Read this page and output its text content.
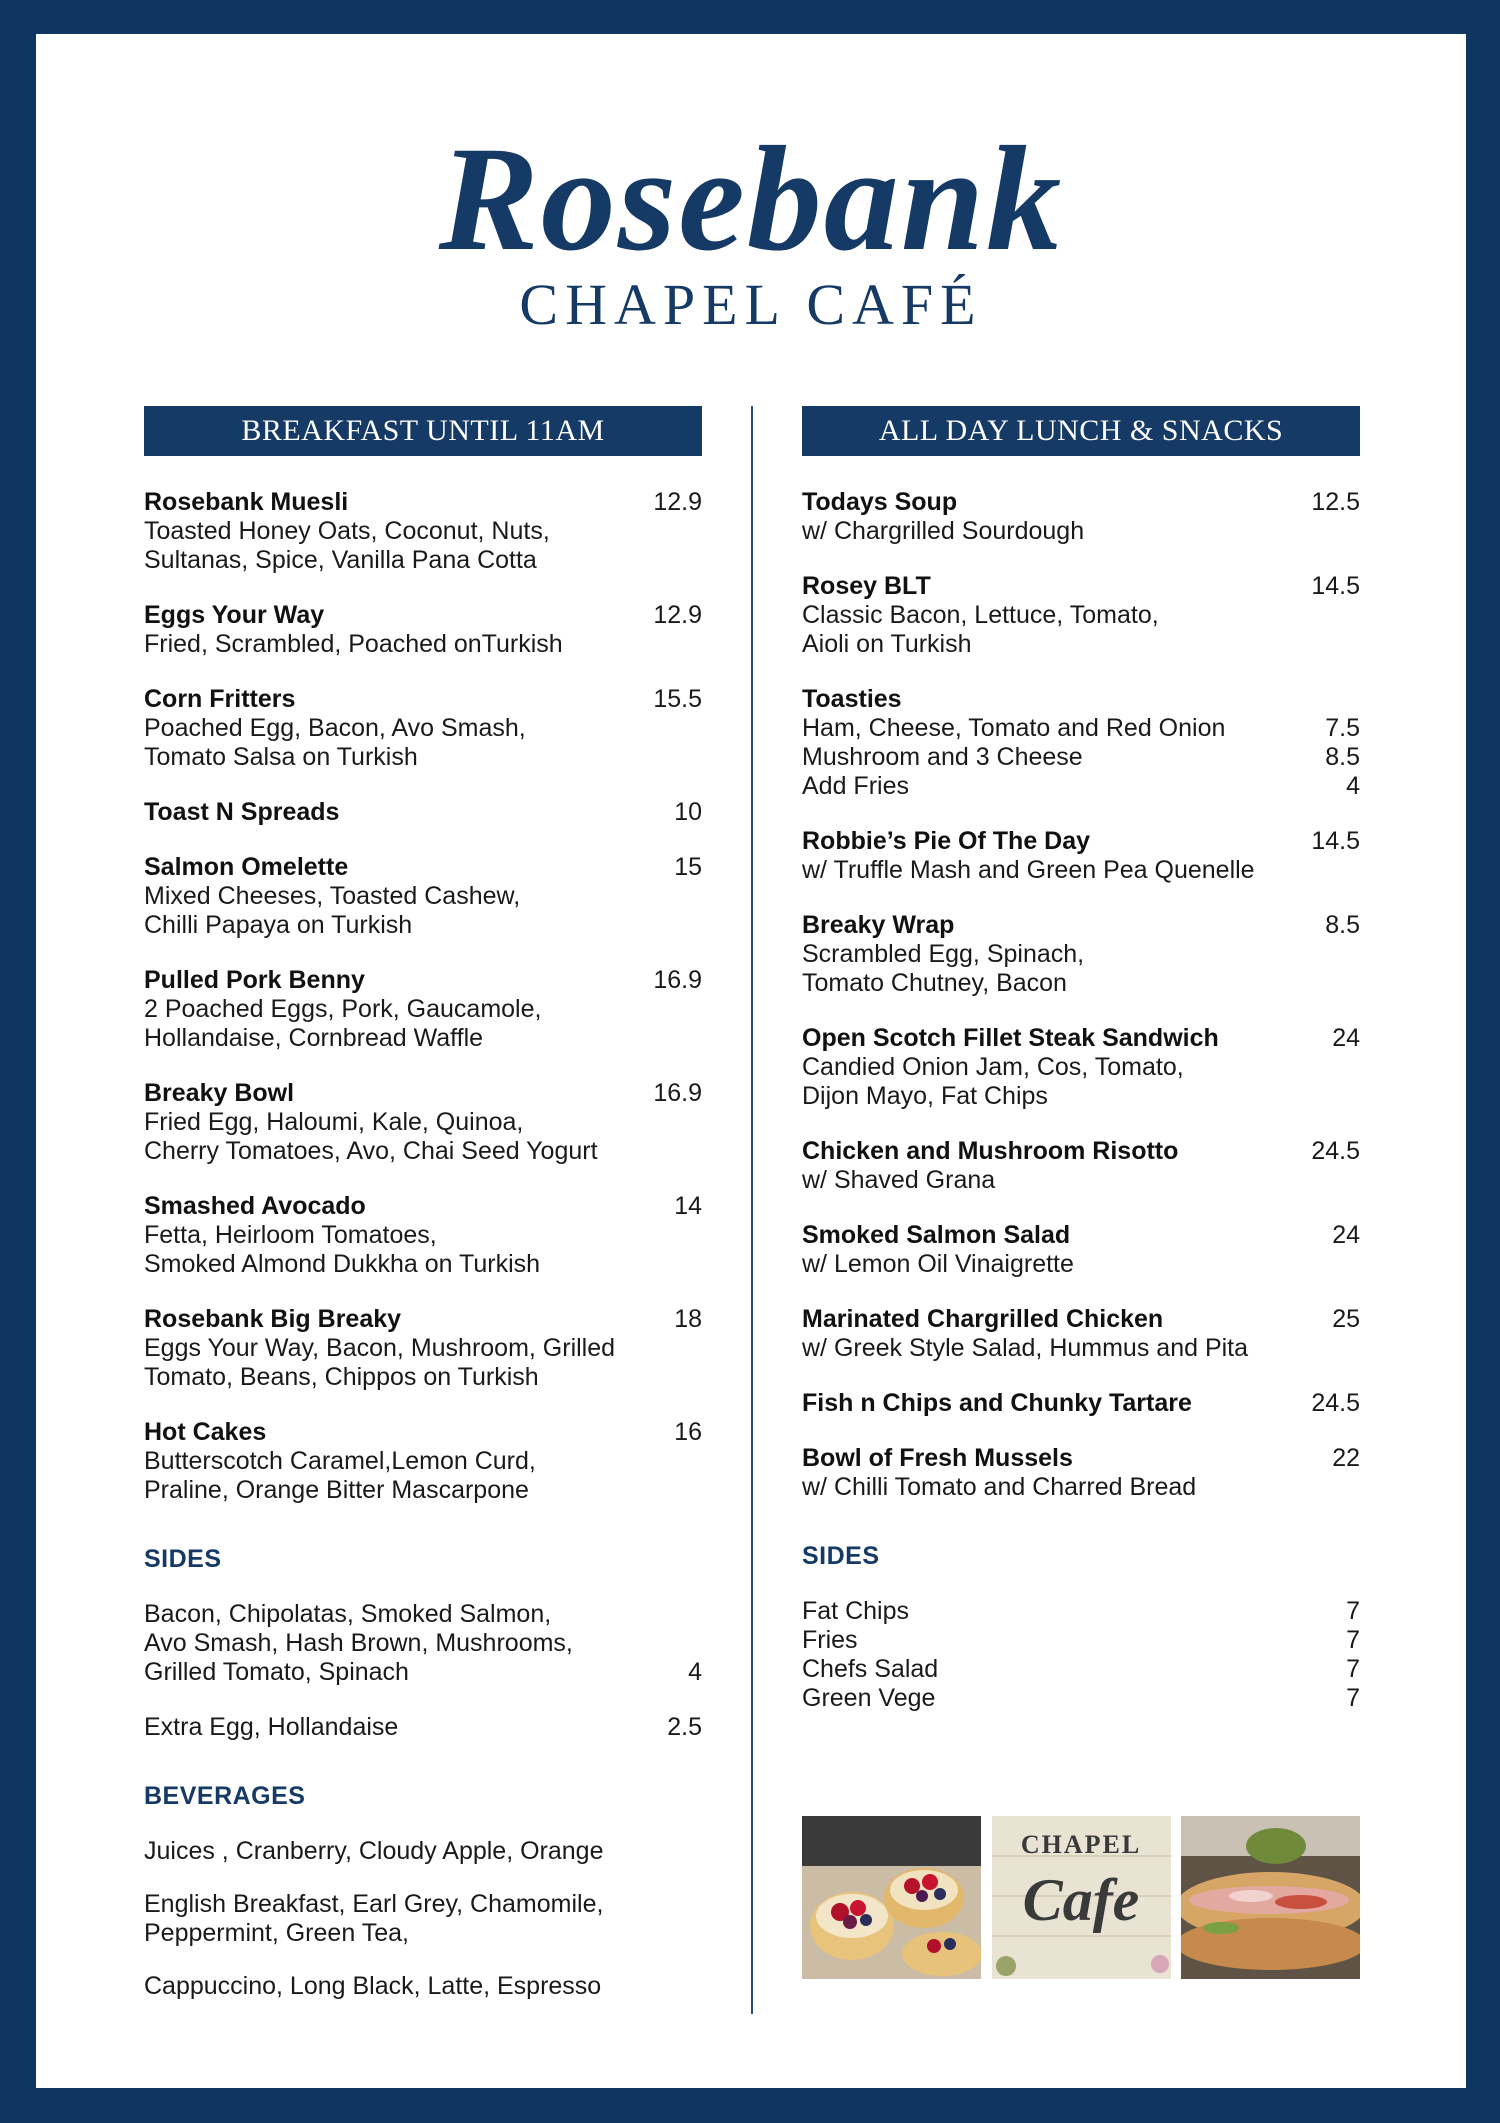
Rosebank
CHAPEL CAFÉ
BREAKFAST UNTIL 11AM
Rosebank Muesli	12.9
Toasted Honey Oats, Coconut, Nuts,
Sultanas, Spice, Vanilla Pana Cotta
Eggs Your Way	12.9
Fried, Scrambled, Poached onTurkish
Corn Fritters	15.5
Poached Egg, Bacon, Avo Smash,
Tomato Salsa on Turkish
Toast N Spreads	10
Salmon Omelette	15
Mixed Cheeses, Toasted Cashew,
Chilli Papaya on Turkish
Pulled Pork Benny	16.9
2 Poached Eggs, Pork, Gaucamole,
Hollandaise, Cornbread Waffle
Breaky Bowl	16.9
Fried Egg, Haloumi, Kale, Quinoa,
Cherry Tomatoes, Avo, Chai Seed Yogurt
Smashed Avocado	14
Fetta, Heirloom Tomatoes,
Smoked Almond Dukkha on Turkish
Rosebank Big Breaky	18
Eggs Your Way, Bacon, Mushroom, Grilled
Tomato, Beans, Chippos on Turkish
Hot Cakes	16
Butterscotch Caramel,Lemon Curd,
Praline, Orange Bitter Mascarpone
SIDES
Bacon, Chipolatas, Smoked Salmon,
Avo Smash, Hash Brown, Mushrooms,
Grilled Tomato, Spinach	4
Extra Egg, Hollandaise	2.5
BEVERAGES
Juices , Cranberry, Cloudy Apple, Orange
English Breakfast, Earl Grey, Chamomile,
Peppermint, Green Tea,
Cappuccino, Long Black, Latte, Espresso
ALL DAY LUNCH & SNACKS
Todays Soup	12.5
w/ Chargrilled Sourdough
Rosey BLT	14.5
Classic Bacon, Lettuce, Tomato,
Aioli on Turkish
Toasties
Ham, Cheese, Tomato and Red Onion	7.5
Mushroom and 3 Cheese	8.5
Add Fries	4
Robbie’s Pie Of The Day	14.5
w/ Truffle Mash and Green Pea Quenelle
Breaky Wrap	8.5
Scrambled Egg, Spinach,
Tomato Chutney, Bacon
Open Scotch Fillet Steak Sandwich	24
Candied Onion Jam, Cos, Tomato,
Dijon Mayo, Fat Chips
Chicken and Mushroom Risotto	24.5
w/ Shaved Grana
Smoked Salmon Salad	24
w/ Lemon Oil Vinaigrette
Marinated Chargrilled Chicken	25
w/ Greek Style Salad, Hummus and Pita
Fish n Chips and Chunky Tartare	24.5
Bowl of Fresh Mussels	22
w/ Chilli Tomato and Charred Bread
SIDES
Fat Chips	7
Fries	7
Chefs Salad	7
Green Vege	7
CHAPEL
Cafe
